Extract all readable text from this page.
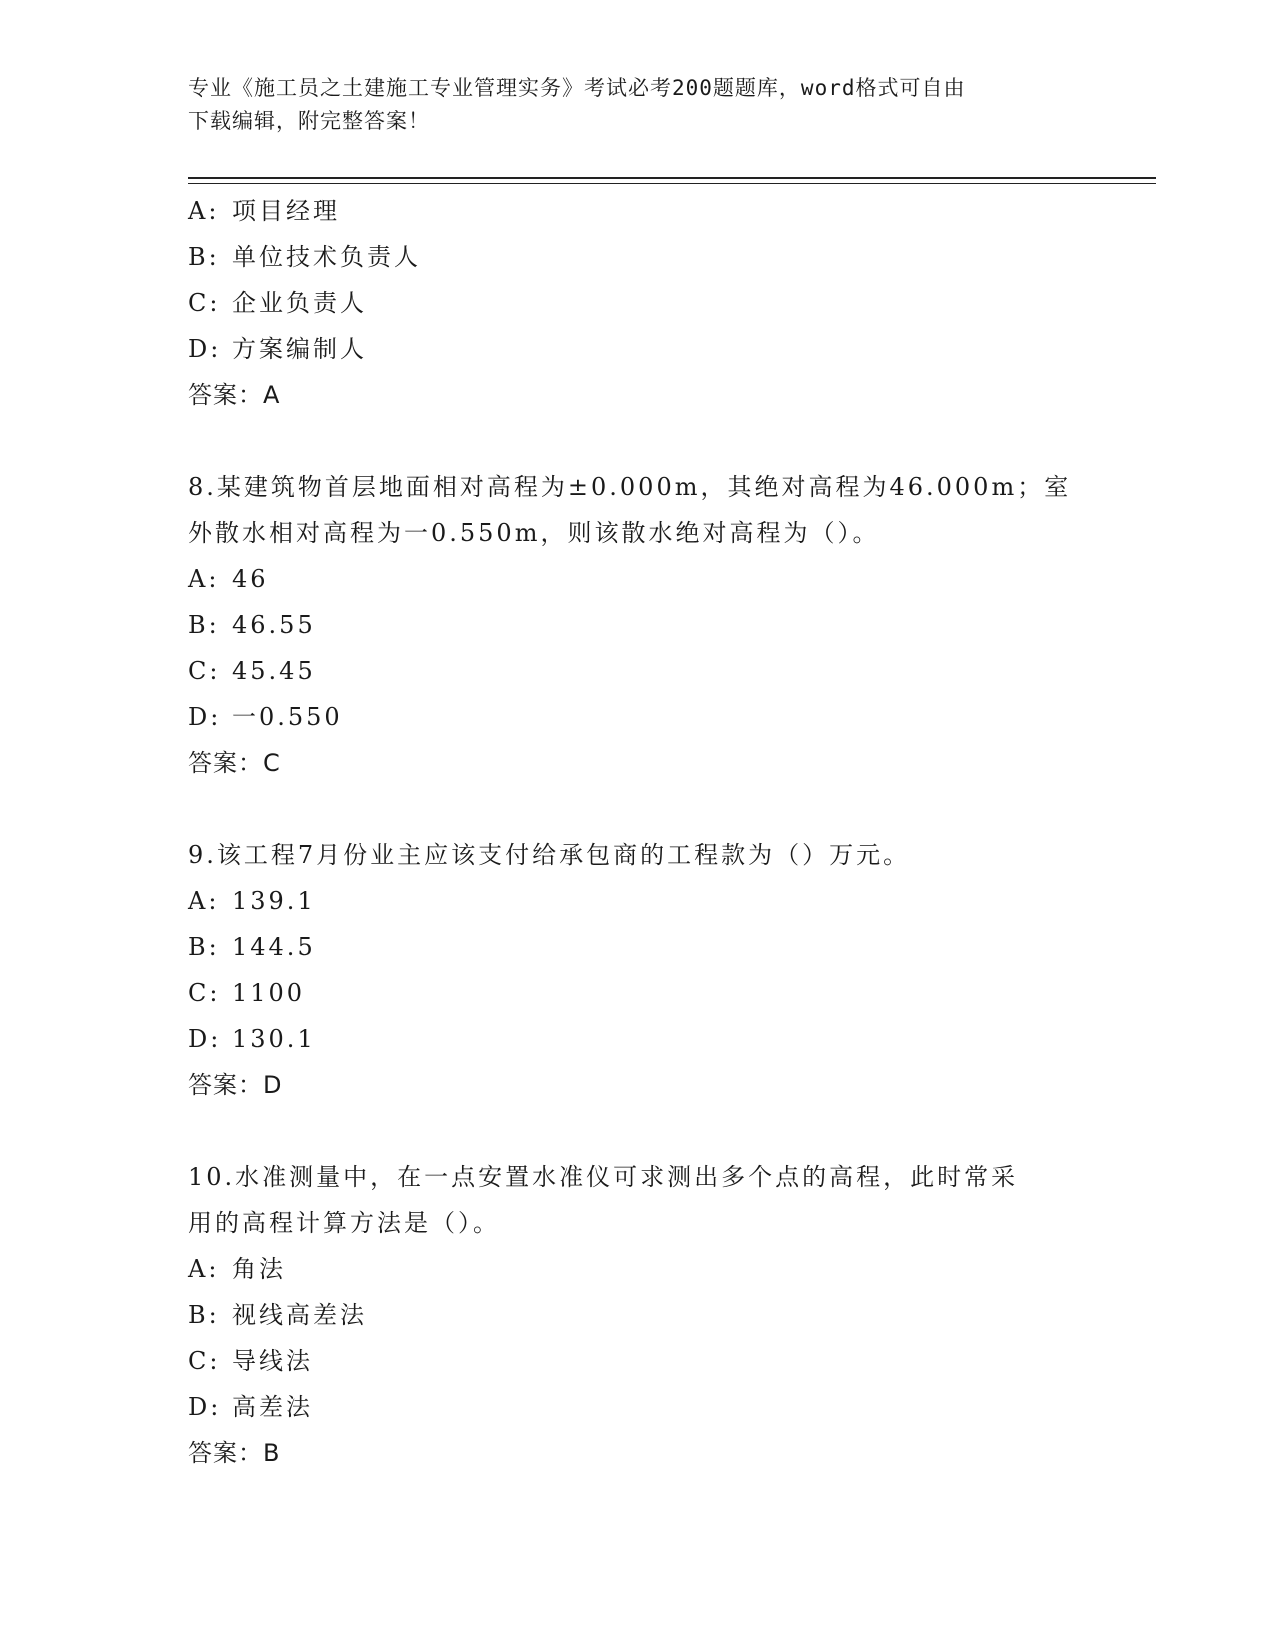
专业《施工员之土建施工专业管理实务》考试必考200题题库，word格式可自由
下载编辑，附完整答案！
A: 项目经理
B: 单位技术负责人
C: 企业负责人
D: 方案编制人
答案：A
8.某建筑物首层地面相对高程为±0.000m，其绝对高程为46.000m；室
外散水相对高程为一0.550m，则该散水绝对高程为（）。
A: 46
B: 46.55
C: 45.45
D: 一0.550
答案：C
9.该工程7月份业主应该支付给承包商的工程款为（）万元。
A: 139.1
B: 144.5
C: 1100
D: 130.1
答案：D
10.水准测量中，在一点安置水准仪可求测出多个点的高程，此时常采
用的高程计算方法是（）。
A: 角法
B: 视线高差法
C: 导线法
D: 高差法
答案：B
